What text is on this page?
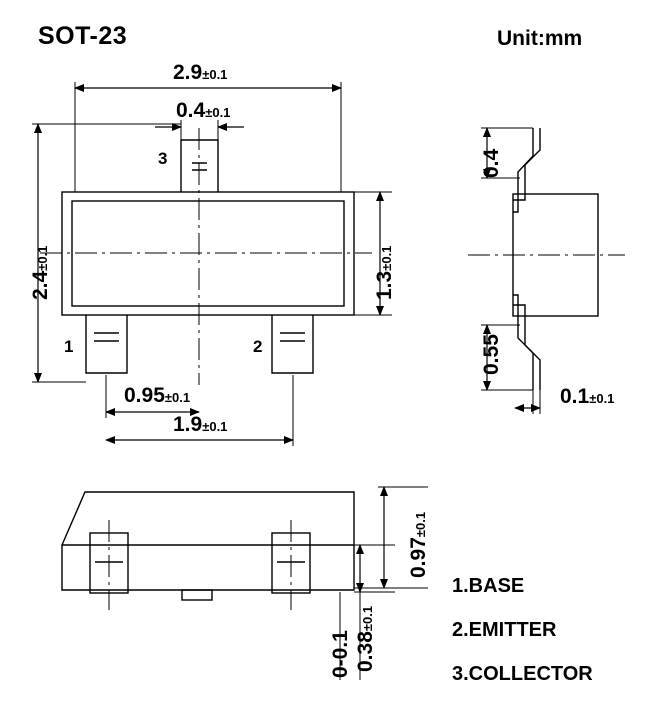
SOT-23	Unit:mm
2.9±0.1
0.4±0.1
2.4±0.1
1.3±0.1
0.95±0.1
1.9±0.1
3
1	2
0.4
0.55
0.1±0.1
0.97±0.1
0.38±0.1
0-0.1
1.BASE
2.EMITTER
3.COLLECTOR
